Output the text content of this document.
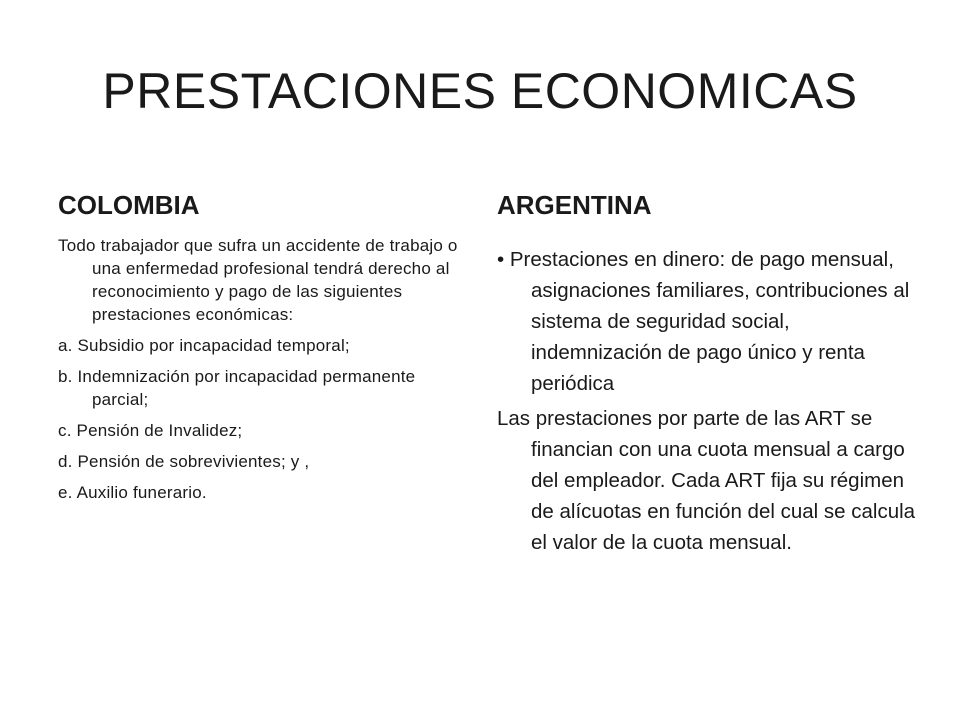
PRESTACIONES ECONOMICAS
COLOMBIA

Todo trabajador que sufra un accidente de trabajo o una enfermedad profesional tendrá derecho al reconocimiento y pago de las siguientes prestaciones económicas:

a. Subsidio por incapacidad temporal;

b. Indemnización por incapacidad permanente parcial;

c. Pensión de Invalidez;

d. Pensión de sobrevivientes; y ,

e. Auxilio funerario.

ARGENTINA

• Prestaciones en dinero: de pago mensual, asignaciones familiares, contribuciones al sistema de seguridad social, indemnización de pago único y renta periódica

Las prestaciones por parte de las ART se financian con una cuota mensual a cargo del empleador. Cada ART fija su régimen de alícuotas en función del cual se calcula el valor de la cuota mensual.
